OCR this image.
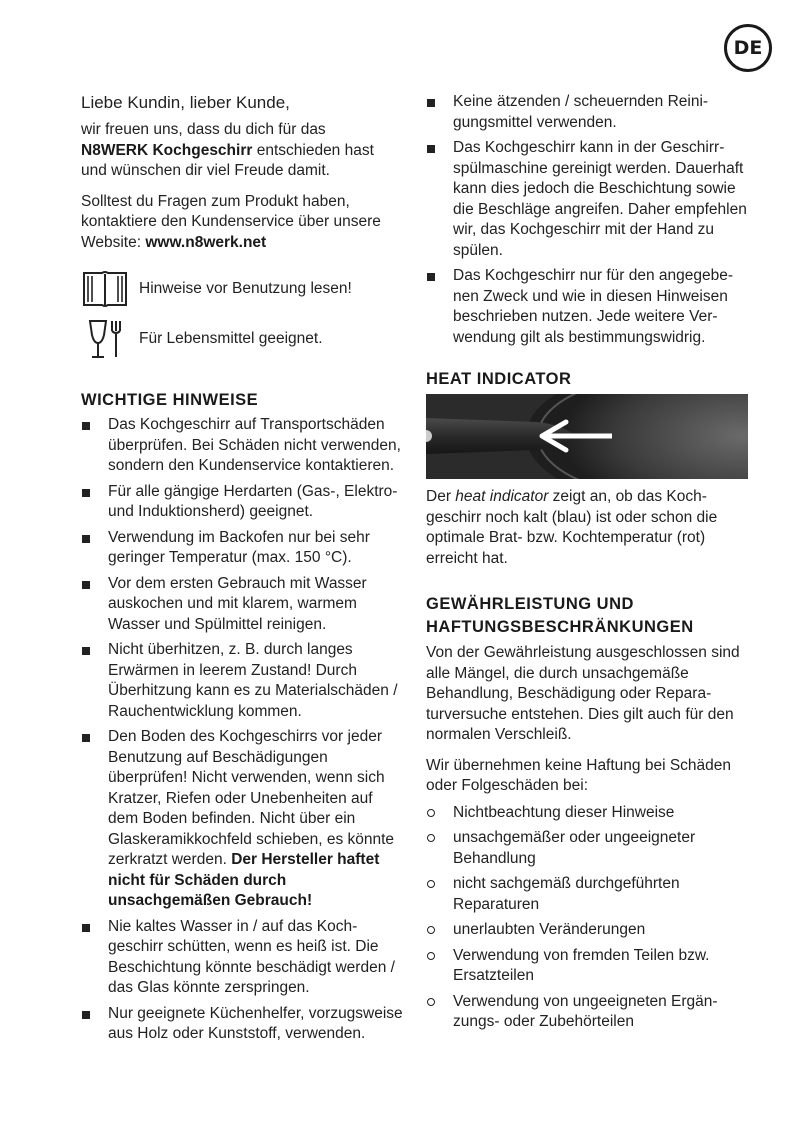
DE

Liebe Kundin, lieber Kunde,

wir freuen uns, dass du dich für das
N8WERK Kochgeschirr entschieden hast und wünschen dir viel Freude damit.

Solltest du Fragen zum Produkt haben, kontaktiere den Kundenservice über unsere Website: www.n8werk.net

Hinweise vor Benutzung lesen!
Für Lebensmittel geeignet.
WICHTIGE HINWEISE
Das Kochgeschirr auf Transportschäden überprüfen. Bei Schäden nicht verwenden, sondern den Kundenservice kontaktieren.
Für alle gängige Herdarten (Gas-, Elektro- und Induktionsherd) geeignet.
Verwendung im Backofen nur bei sehr geringer Temperatur (max. 150 °C).
Vor dem ersten Gebrauch mit Wasser auskochen und mit klarem, warmem Wasser und Spülmittel reinigen.
Nicht überhitzen, z. B. durch langes Erwärmen in leerem Zustand! Durch Überhitzung kann es zu Materialschäden / Rauchentwicklung kommen.
Den Boden des Kochgeschirrs vor jeder Benutzung auf Beschädigungen überprüfen! Nicht verwenden, wenn sich Kratzer, Riefen oder Unebenheiten auf dem Boden befinden. Nicht über ein Glaskeramikkochfeld schieben, es könnte zerkratzt werden. Der Hersteller haftet nicht für Schäden durch unsachgemäßen Gebrauch!
Nie kaltes Wasser in / auf das Kochgeschirr schütten, wenn es heiß ist. Die Beschichtung könnte beschädigt werden / das Glas könnte zerspringen.
Nur geeignete Küchenhelfer, vorzugsweise aus Holz oder Kunststoff, verwenden.
Keine ätzenden / scheuernden Reinigungsmittel verwenden.
Das Kochgeschirr kann in der Geschirrspülmaschine gereinigt werden. Dauerhaft kann dies jedoch die Beschichtung sowie die Beschläge angreifen. Daher empfehlen wir, das Kochgeschirr mit der Hand zu spülen.
Das Kochgeschirr nur für den angegebenen Zweck und wie in diesen Hinweisen beschrieben nutzen. Jede weitere Verwendung gilt als bestimmungswidrig.
HEAT INDICATOR

Der heat indicator zeigt an, ob das Kochgeschirr noch kalt (blau) ist oder schon die optimale Brat- bzw. Kochtemperatur (rot) erreicht hat.

GEWÄHRLEISTUNG UND
HAFTUNGSBESCHRÄNKUNGEN

Von der Gewährleistung ausgeschlossen sind alle Mängel, die durch unsachgemäße Behandlung, Beschädigung oder Reparaturversuche entstehen. Dies gilt auch für den normalen Verschleiß.

Wir übernehmen keine Haftung bei Schäden oder Folgeschäden bei:

Nichtbeachtung dieser Hinweise
unsachgemäßer oder ungeeigneter Behandlung
nicht sachgemäß durchgeführten Reparaturen
unerlaubten Veränderungen
Verwendung von fremden Teilen bzw. Ersatzteilen
Verwendung von ungeeigneten Ergänzungs- oder Zubehörteilen
